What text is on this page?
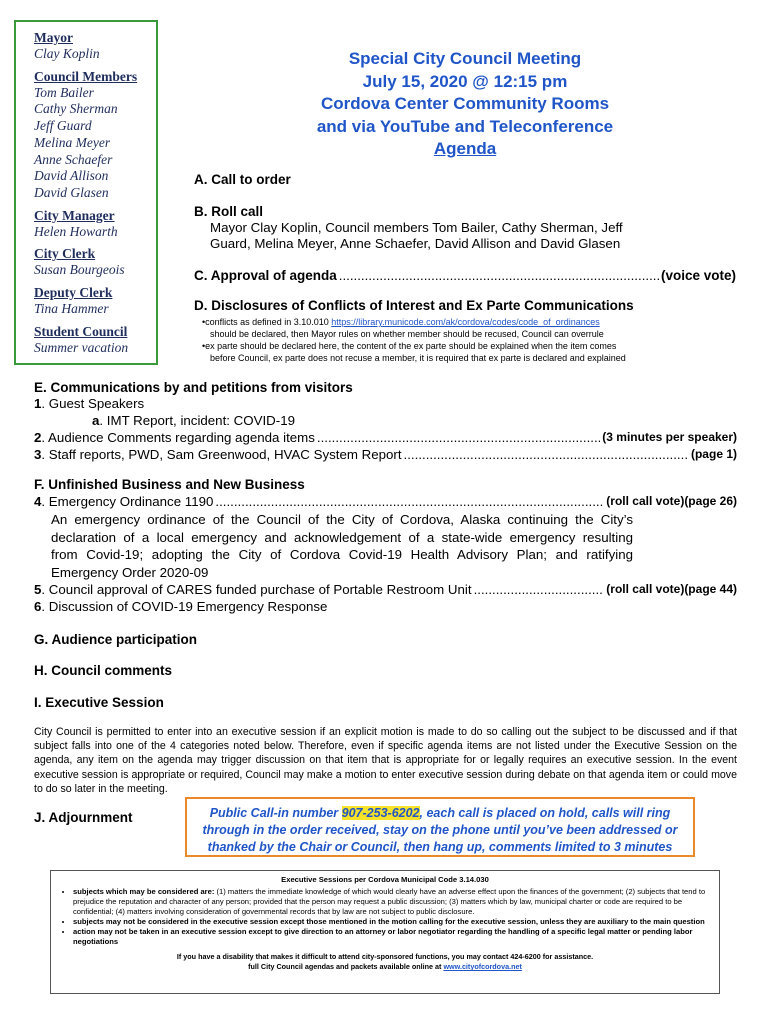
Mayor
Clay Koplin
Council Members
Tom Bailer
Cathy Sherman
Jeff Guard
Melina Meyer
Anne Schaefer
David Allison
David Glasen
City Manager
Helen Howarth
City Clerk
Susan Bourgeois
Deputy Clerk
Tina Hammer
Student Council
Summer vacation
Special City Council Meeting
July 15, 2020 @ 12:15 pm
Cordova Center Community Rooms
and via YouTube and Teleconference
Agenda
A. Call to order
B. Roll call
Mayor Clay Koplin, Council members Tom Bailer, Cathy Sherman, Jeff
Guard, Melina Meyer, Anne Schaefer, David Allison and David Glasen
C. Approval of agenda .....	(voice vote)
D. Disclosures of Conflicts of Interest and Ex Parte Communications
•conflicts as defined in 3.10.010 https://library.municode.com/ak/cordova/codes/code_of_ordinances
should be declared, then Mayor rules on whether member should be recused, Council can overrule
•ex parte should be declared here, the content of the ex parte should be explained when the item comes
before Council, ex parte does not recuse a member, it is required that ex parte is declared and explained
E. Communications by and petitions from visitors
1. Guest Speakers
a. IMT Report, incident: COVID-19
2. Audience Comments regarding agenda items .....	(3 minutes per speaker)
3. Staff reports, PWD, Sam Greenwood, HVAC System Report .....	(page 1)
F. Unfinished Business and New Business
4. Emergency Ordinance 1190 .....	(roll call vote)(page 26)
An emergency ordinance of the Council of the City of Cordova, Alaska continuing the City’s
declaration of a local emergency and acknowledgement of a state-wide emergency resulting
from Covid-19; adopting the City of Cordova Covid-19 Health Advisory Plan; and ratifying
Emergency Order 2020-09
5. Council approval of CARES funded purchase of Portable Restroom Unit .....	(roll call vote)(page 44)
6. Discussion of COVID-19 Emergency Response
G. Audience participation
H. Council comments
I. Executive Session
City Council is permitted to enter into an executive session if an explicit motion is made to do so calling out the subject to be discussed and if that subject falls into one of the 4 categories noted below. Therefore, even if specific agenda items are not listed under the Executive Session on the agenda, any item on the agenda may trigger discussion on that item that is appropriate for or legally requires an executive session. In the event executive session is appropriate or required, Council may make a motion to enter executive session during debate on that agenda item or could move to do so later in the meeting.
J. Adjournment	Public Call-in number 907-253-6202, each call is placed on hold, calls will ring
through in the order received, stay on the phone until you’ve been addressed or
thanked by the Chair or Council, then hang up, comments limited to 3 minutes
Executive Sessions per Cordova Municipal Code 3.14.030
• subjects which may be considered are: (1) matters the immediate knowledge of which would clearly have an adverse effect upon the finances of the government; (2) subjects that tend to prejudice the reputation and character of any person; provided that the person may request a public discussion; (3) matters which by law, municipal charter or code are required to be confidential; (4) matters involving consideration of governmental records that by law are not subject to public disclosure.
• subjects may not be considered in the executive session except those mentioned in the motion calling for the executive session, unless they are auxiliary to the main question
• action may not be taken in an executive session except to give direction to an attorney or labor negotiator regarding the handling of a specific legal matter or pending labor negotiations
If you have a disability that makes it difficult to attend city-sponsored functions, you may contact 424-6200 for assistance.
full City Council agendas and packets available online at www.cityofcordova.net
